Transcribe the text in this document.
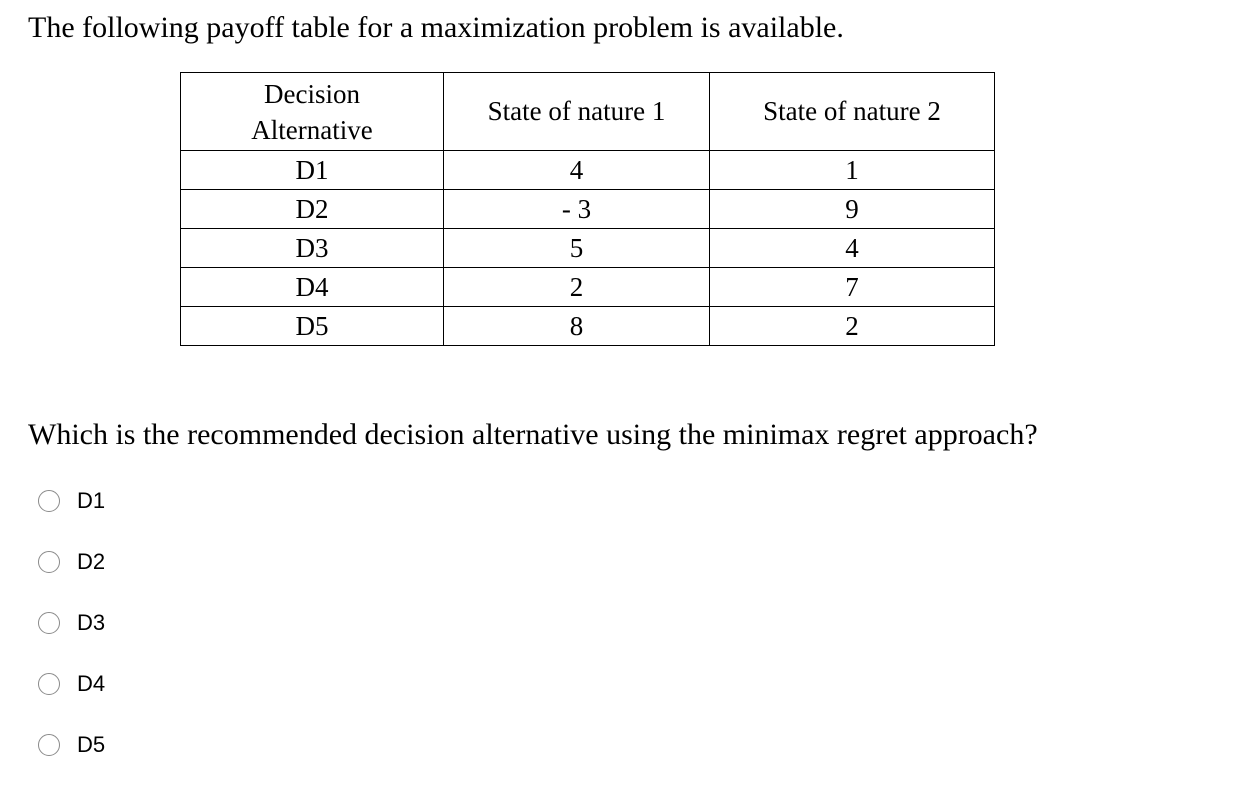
The following payoff table for a maximization problem is available.

Decision
Alternative	State of nature 1	State of nature 2
D1	4	1
D2	- 3	9
D3	5	4
D4	2	7
D5	8	2

Which is the recommended decision alternative using the minimax regret approach?

D1
D2
D3
D4
D5
